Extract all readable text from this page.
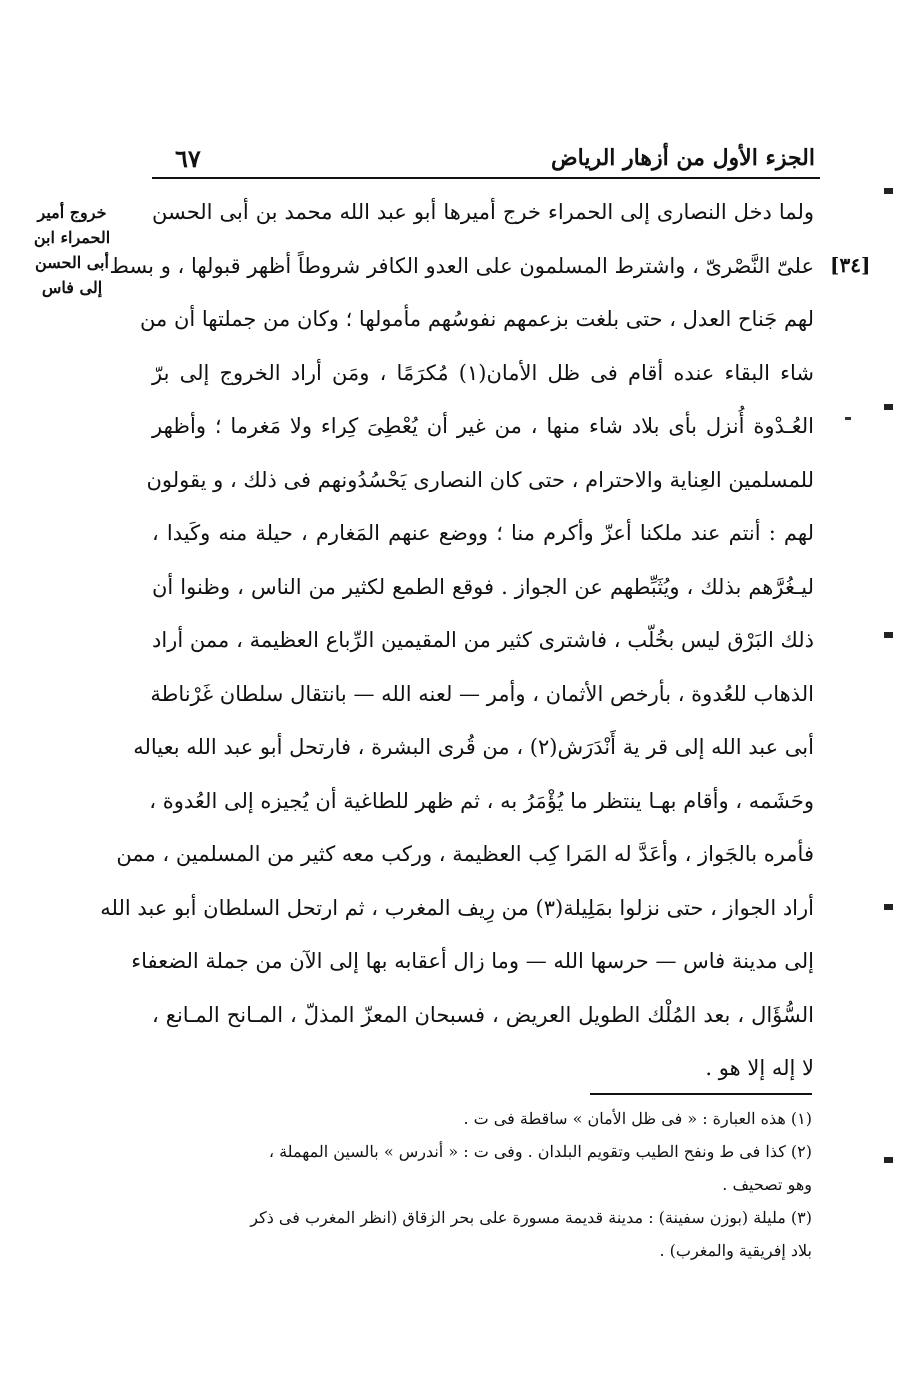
الجزء الأول من أزهار الرياض
٦٧
[٣٤]
خروج أمير
الحمراء ابن
أبى الحسن
إلى فاس
ولما دخل النصارى إلى الحمراء خرج أميرها أبو عبد الله محمد بن أبى الحسن
علىّ النَّصْرىّ ، واشترط المسلمون على العدو الكافر شروطاً أظهر قبولها ، و بسط
لهم جَناح العدل ، حتى بلغت بزعمهم نفوسُهم مأمولها ؛ وكان من جملتها أن من
شاء البقاء عنده أقام فى ظل الأمان(١) مُكرَمًا ، ومَن أراد الخروج إلى برّ
العُـدْوة أُنزل بأى بلاد شاء منها ، من غير أن يُعْطِىَ كِراء ولا مَغرما ؛ وأظهر
للمسلمين العِناية والاحترام ، حتى كان النصارى يَحْسُدُونهم فى ذلك ، و يقولون
لهم : أنتم عند ملكنا أعزّ وأكرم منا ؛ ووضع عنهم المَغارم ، حيلة منه وكَيدا ،
ليـغُرَّهم بذلك ، ويُثَبِّطهم عن الجواز . فوقع الطمع لكثير من الناس ، وظنوا أن
ذلك البَرْق ليس بخُلّب ، فاشترى كثير من المقيمين الرِّباع العظيمة ، ممن أراد
الذهاب للعُدوة ، بأرخص الأثمان ، وأمر — لعنه الله — بانتقال سلطان غَرْناطة
أبى عبد الله إلى قر ية أَنْدَرَش(٢) ، من قُرى البشرة ، فارتحل أبو عبد الله بعياله
وحَشَمه ، وأقام بهـا ينتظر ما يُؤْمَرُ به ، ثم ظهر للطاغية أن يُجيزه إلى العُدوة ،
فأمره بالجَواز ، وأعَدَّ له المَرا كِب العظيمة ، وركب معه كثير من المسلمين ، ممن
أراد الجواز ، حتى نزلوا بمَلِيلة(٣) من رِيف المغرب ، ثم ارتحل السلطان أبو عبد الله
إلى مدينة فاس — حرسها الله — وما زال أعقابه بها إلى الآن من جملة الضعفاء
السُّؤَال ، بعد المُلْك الطويل العريض ، فسبحان المعزّ المذلّ ، المـانح المـانع ،
لا إله إلا هو .
(١) هذه العبارة : « فى ظل الأمان » ساقطة فى ت .
(٢) كذا فى ط ونفح الطيب وتقويم البلدان . وفى ت : « أندرس » بالسين المهملة ،
وهو تصحيف .
(٣) مليلة (بوزن سفينة) : مدينة قديمة مسورة على بحر الزقاق (انظر المغرب فى ذكر
بلاد إفريقية والمغرب) .
